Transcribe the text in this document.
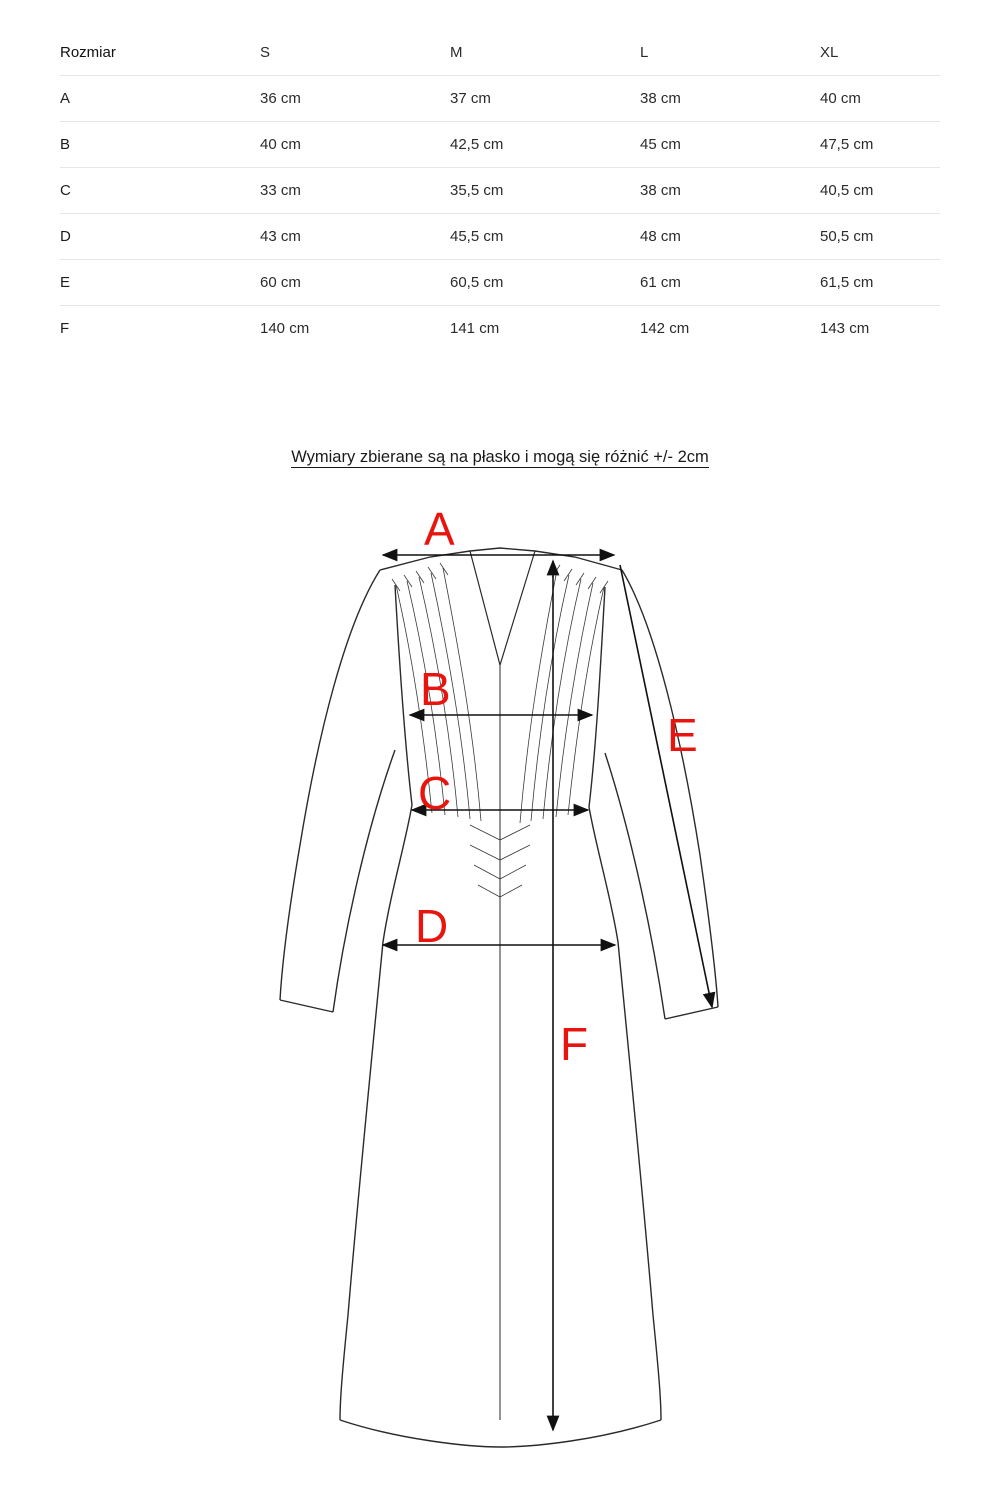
Rozmiar	S	M	L	XL
A	36 cm	37 cm	38 cm	40 cm
B	40 cm	42,5 cm	45 cm	47,5 cm
C	33 cm	35,5 cm	38 cm	40,5 cm
D	43 cm	45,5 cm	48 cm	50,5 cm
E	60 cm	60,5 cm	61 cm	61,5 cm
F	140 cm	141 cm	142 cm	143 cm
Wymiary zbierane są na płasko i mogą się różnić +/- 2cm
A
B
C
D
E
F
